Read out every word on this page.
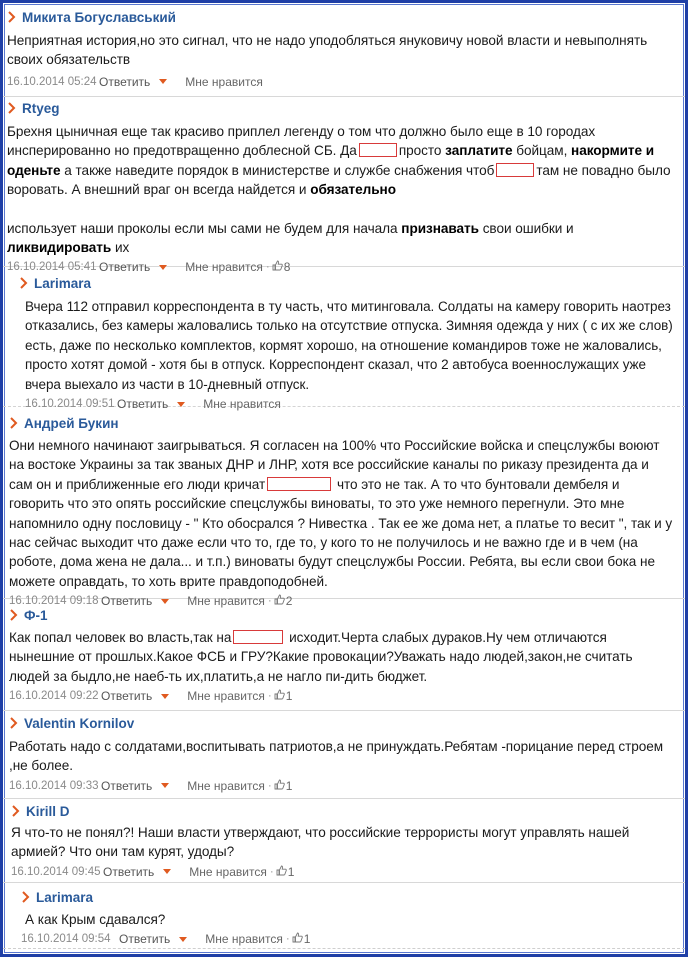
Микита Богуславський
Неприятная история,но это сигнал, что не надо уподобляться януковичу новой власти и невыполнять своих обязательств
16.10.2014 05:24 Ответить	Мне нравится
Rtyeg
Брехня цыничная еще так красиво приплел легенду о том что должно было еще в 10 городах инсперированно но предотвращенно доблесной СБ. Да	просто заплатите бойцам, накормите и оденьте а также наведите порядок в министерстве и службе снабжения чтоб	там не повадно было воровать. А внешний враг он всегда найдется и обязательно
использует наши проколы если мы сами не будем для начала признавать свои ошибки и ликвидировать их
16.10.2014 05:41 Ответить	Мне нравится · 8
Larimara
Вчера 112 отправил корреспондента в ту часть, что митинговала. Солдаты на камеру говорить наотрез отказались, без камеры жаловались только на отсутствие отпуска. Зимняя одежда у них ( с их же слов) есть, даже по несколько комплектов, кормят хорошо, на отношение командиров тоже не жаловались, просто хотят домой - хотя бы в отпуск. Корреспондент сказал, что 2 автобуса военнослужащих уже вчера выехало из части в 10-дневный отпуск.
16.10.2014 09:51 Ответить	Мне нравится
Андрей Букин
Они немного начинают заигрываться. Я согласен на 100% что Российские войска и спецслужбы воюют на востоке Украины за так званых ДНР и ЛНР, хотя все российские каналы по риказу президента да и сам он и приближенные его люди кричат	что это не так. А то что бунтовали дембеля и говорить что это опять российские спецслужбы виноваты, то это уже немного перегнули. Это мне напомнило одну пословицу - " Кто обосрался ? Нивестка . Так ее же дома нет, а платье то весит ", так и у нас сейчас выходит что даже если что то, где то, у кого то не получилось и не важно где и в чем (на роботе, дома жена не дала... и т.п.) виноваты будут спецслужбы России. Ребята, вы если свои бока не можете оправдать, то хоть врите правдоподобней.
16.10.2014 09:18 Ответить	Мне нравится · 2
Ф-1
Как попал человек во власть,так на	исходит.Черта слабых дураков.Ну чем отличаются нынешние от прошлых.Какое ФСБ и ГРУ?Какие провокации?Уважать надо людей,закон,не считать людей за быдло,не наеб-ть их,платить,а не нагло пи-дить бюджет.
16.10.2014 09:22 Ответить	Мне нравится · 1
Valentin Kornilov
Работать надо с солдатами,воспитывать патриотов,а не принуждать.Ребятам -порицание перед строем ,не более.
16.10.2014 09:33 Ответить	Мне нравится · 1
Kirill D
Я что-то не понял?! Наши власти утверждают, что российские террористы могут управлять нашей армией? Что они там курят, удоды?
16.10.2014 09:45 Ответить	Мне нравится · 1
Larimara
А как Крым сдавался?
16.10.2014 09:54 Ответить	Мне нравится · 1
